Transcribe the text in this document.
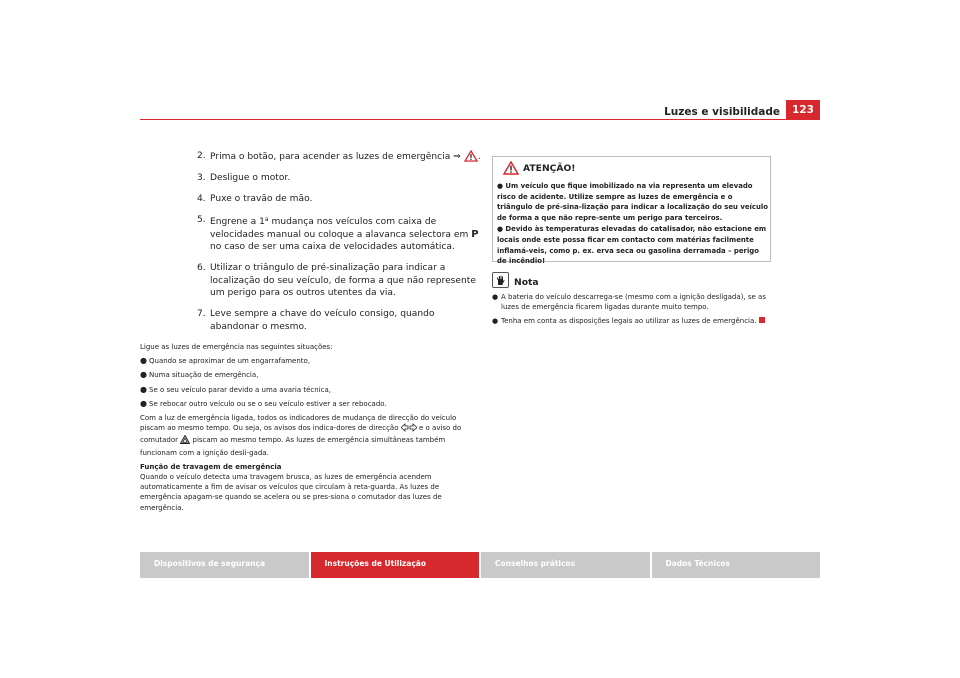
Luzes e visibilidade	123
2. Prima o botão, para acender as luzes de emergência ⇒ .
3. Desligue o motor.
4. Puxe o travão de mão.
5. Engrene a 1$^a$ mudança nos veículos com caixa de velocidades manual ou coloque a alavanca selectora em P no caso de ser uma caixa de velocidades automática.
6. Utilizar o triângulo de pré-sinalização para indicar a localização do seu veículo, de forma a que não represente um perigo para os outros utentes da via.
7. Leve sempre a chave do veículo consigo, quando abandonar o mesmo.
Ligue as luzes de emergência nas seguintes situações:
● Quando se aproximar de um engarrafamento,
● Numa situação de emergência,
● Se o seu veículo parar devido a uma avaria técnica,
● Se rebocar outro veículo ou se o seu veículo estiver a ser rebocado.
Com a luz de emergência ligada, todos os indicadores de mudança de direcção do veículo piscam ao mesmo tempo. Ou seja, os avisos dos indica-dores de direcção	e o aviso do comutador piscam ao mesmo tempo. As luzes de emergência simultâneas também funcionam com a ignição desli-gada.
Função de travagem de emergência
Quando o veículo detecta uma travagem brusca, as luzes de emergência acendem automaticamente a fim de avisar os veículos que circulam à reta-guarda. As luzes de emergência apagam-se quando se acelera ou se pres-siona o comutador das luzes de emergência.
ATENÇÃO!
● Um veículo que fique imobilizado na via representa um elevado risco de acidente. Utilize sempre as luzes de emergência e o triângulo de pré-sina-lização para indicar a localização do seu veículo de forma a que não repre-sente um perigo para terceiros.
● Devido às temperaturas elevadas do catalisador, não estacione em locais onde este possa ficar em contacto com matérias facilmente inflamá-veis, como p. ex. erva seca ou gasolina derramada – perigo de incêndio!
Nota
● A bateria do veículo descarrega-se (mesmo com a ignição desligada), se as luzes de emergência ficarem ligadas durante muito tempo.
● Tenha em conta as disposições legais ao utilizar as luzes de emergência.
Dispositivos de segurança	Instruções de Utilização	Conselhos práticos	Dados Técnicos
